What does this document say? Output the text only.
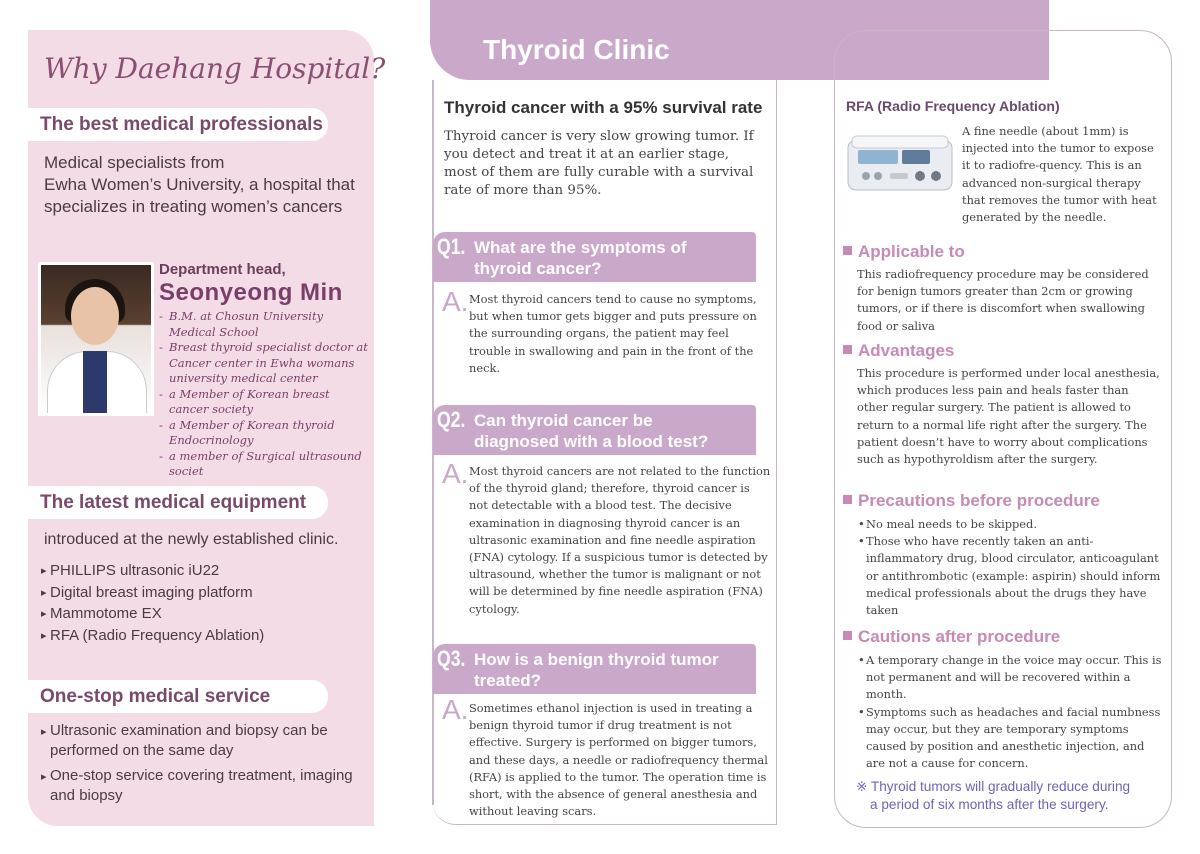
Why Daehang Hospital?
The best medical professionals
Medical specialists from
Ewha Women’s University, a hospital that
specializes in treating women’s cancers
Department head,
Seonyeong Min
- B.M. at Chosun University Medical School
- Breast thyroid specialist doctor at Cancer center in Ewha womans university medical center
- a Member of Korean breast cancer society
- a Member of Korean thyroid Endocrinology
- a member of Surgical ultrasound societ
The latest medical equipment
introduced at the newly established clinic.
▸ PHILLIPS ultrasonic iU22
▸ Digital breast imaging platform
▸ Mammotome EX
▸ RFA (Radio Frequency Ablation)
One-stop medical service
▸ Ultrasonic examination and biopsy can be performed on the same day
▸ One-stop service covering treatment, imaging and biopsy
Thyroid Clinic
Thyroid cancer with a 95% survival rate
Thyroid cancer is very slow growing tumor. If you detect and treat it at an earlier stage, most of them are fully curable with a survival rate of more than 95%.
Q1. What are the symptoms of
thyroid cancer?
A. Most thyroid cancers tend to cause no symptoms, but when tumor gets bigger and puts pressure on the surrounding organs, the patient may feel trouble in swallowing and pain in the front of the neck.
Q2. Can thyroid cancer be
diagnosed with a blood test?
A. Most thyroid cancers are not related to the function of the thyroid gland; therefore, thyroid cancer is not detectable with a blood test. The decisive examination in diagnosing thyroid cancer is an ultrasonic examination and fine needle aspiration (FNA) cytology. If a suspicious tumor is detected by ultrasound, whether the tumor is malignant or not will be determined by fine needle aspiration (FNA) cytology.
Q3. How is a benign thyroid tumor
treated?
A. Sometimes ethanol injection is used in treating a benign thyroid tumor if drug treatment is not effective. Surgery is performed on bigger tumors, and these days, a needle or radiofrequency thermal (RFA) is applied to the tumor. The operation time is short, with the absence of general anesthesia and without leaving scars.
RFA (Radio Frequency Ablation)
A fine needle (about 1mm) is injected into the tumor to expose it to radiofre-quency. This is an advanced non-surgical therapy that removes the tumor with heat generated by the needle.
Applicable to
This radiofrequency procedure may be considered for benign tumors greater than 2cm or growing tumors, or if there is discomfort when swallowing food or saliva
Advantages
This procedure is performed under local anesthesia, which produces less pain and heals faster than other regular surgery. The patient is allowed to return to a normal life right after the surgery. The patient doesn’t have to worry about complications such as hypothyroldism after the surgery.
Precautions before procedure
• No meal needs to be skipped.
• Those who have recently taken an anti-inflammatory drug, blood circulator, anticoagulant or antithrombotic (example: aspirin) should inform medical professionals about the drugs they have taken
Cautions after procedure
• A temporary change in the voice may occur. This is not permanent and will be recovered within a month.
• Symptoms such as headaches and facial numbness may occur, but they are temporary symptoms caused by position and anesthetic injection, and are not a cause for concern.
※ Thyroid tumors will gradually reduce during
a period of six months after the surgery.
